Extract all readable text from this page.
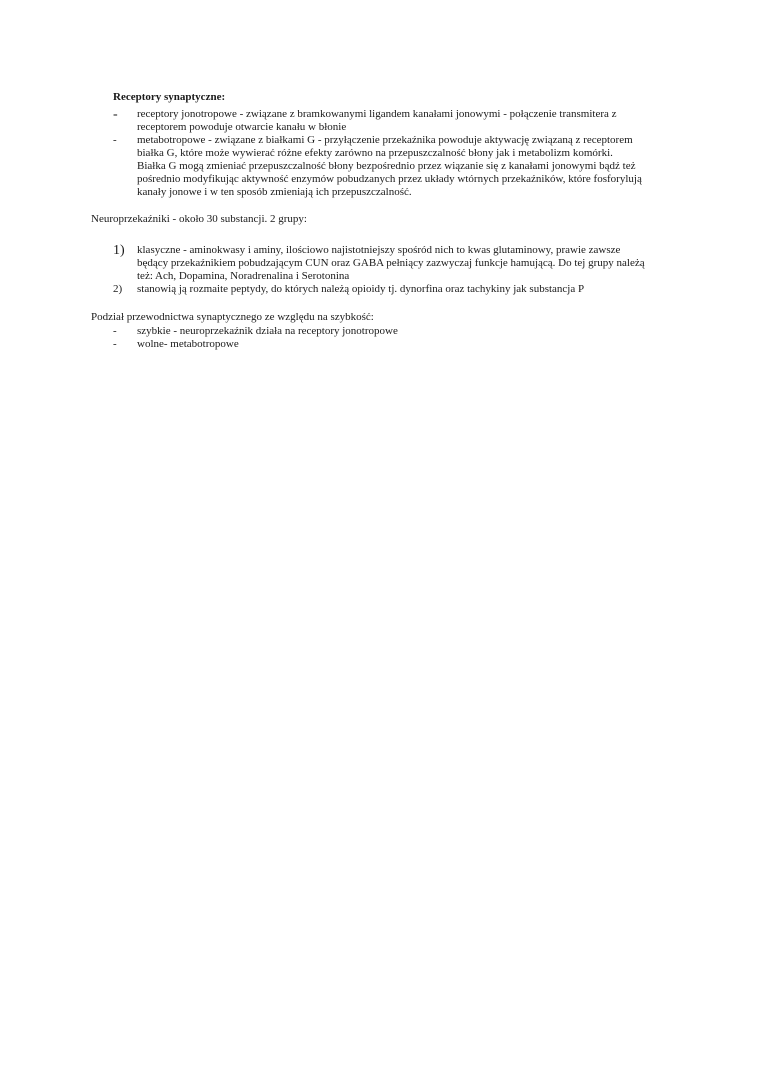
Receptory synaptyczne:
- receptory jonotropowe - związane z bramkowanymi ligandem kanałami jonowymi - połączenie transmitera z
receptorem powoduje otwarcie kanału w błonie
- metabotropowe - związane z białkami G - przyłączenie przekaźnika powoduje aktywację związaną z receptorem
białka G, które może wywierać różne efekty zarówno na przepuszczalność błony jak i metabolizm komórki.
Białka G mogą zmieniać przepuszczalność błony bezpośrednio przez wiązanie się z kanałami jonowymi bądź też
pośrednio modyfikując aktywność enzymów pobudzanych przez układy wtórnych przekaźników, które fosforylują
kanały jonowe i w ten sposób zmieniają ich przepuszczalność.
Neuroprzekaźniki - około 30 substancji. 2 grupy:
1) klasyczne - aminokwasy i aminy, ilościowo najistotniejszy spośród nich to kwas glutaminowy, prawie zawsze
będący przekaźnikiem pobudzającym CUN oraz GABA pełniący zazwyczaj funkcje hamującą. Do tej grupy należą
też: Ach, Dopamina, Noradrenalina i Serotonina
2) stanowią ją rozmaite peptydy, do których należą opioidy tj. dynorfina oraz tachykiny jak substancja P
Podział przewodnictwa synaptycznego ze względu na szybkość:
- szybkie - neuroprzekaźnik działa na receptory jonotropowe
- wolne- metabotropowe
